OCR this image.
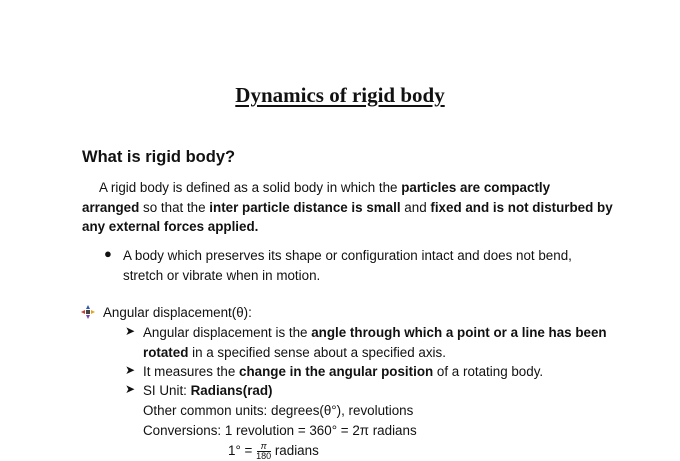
Dynamics of rigid body
What is rigid body?
A rigid body is defined as a solid body in which the particles are compactly
arranged so that the inter particle distance is small and fixed and is not disturbed by
any external forces applied.
● A body which preserves its shape or configuration intact and does not bend,
stretch or vibrate when in motion.
Angular displacement(θ):
➤ Angular displacement is the angle through which a point or a line has been
rotated in a specified sense about a specified axis.
➤ It measures the change in the angular position of a rotating body.
➤ SI Unit: Radians(rad)
Other common units: degrees(θ°), revolutions
Conversions: 1 revolution = 360° = 2π radians
$1^\circ = \frac{\pi}{180}$ radians
